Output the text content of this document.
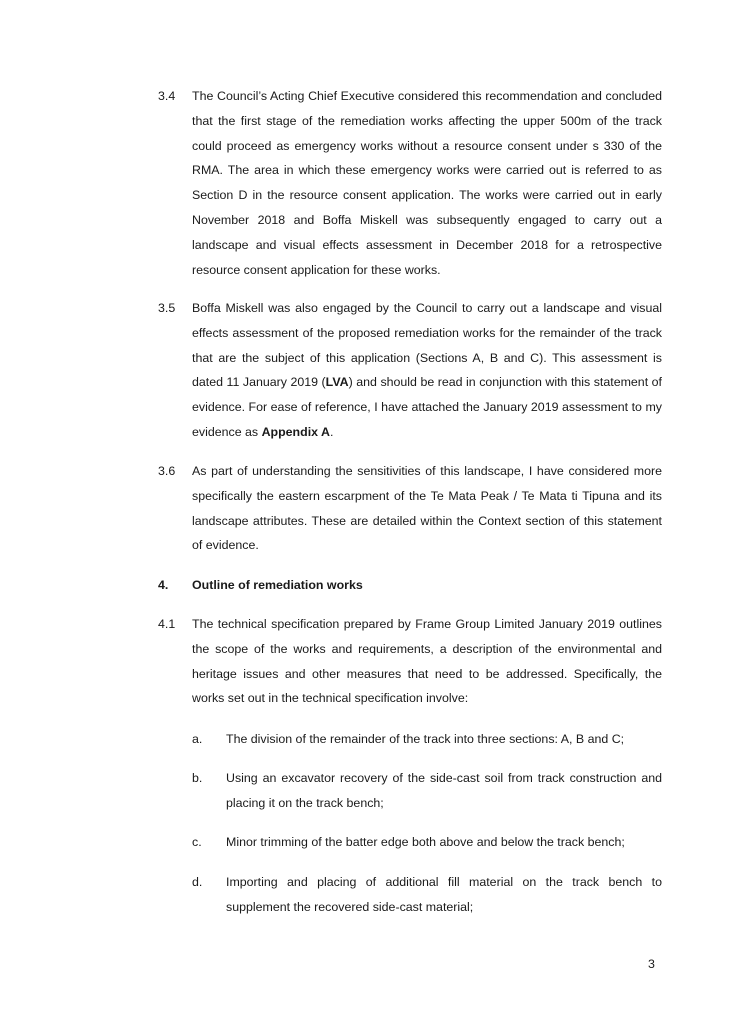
3.4 The Council’s Acting Chief Executive considered this recommendation and concluded that the first stage of the remediation works affecting the upper 500m of the track could proceed as emergency works without a resource consent under s 330 of the RMA. The area in which these emergency works were carried out is referred to as Section D in the resource consent application. The works were carried out in early November 2018 and Boffa Miskell was subsequently engaged to carry out a landscape and visual effects assessment in December 2018 for a retrospective resource consent application for these works.
3.5 Boffa Miskell was also engaged by the Council to carry out a landscape and visual effects assessment of the proposed remediation works for the remainder of the track that are the subject of this application (Sections A, B and C). This assessment is dated 11 January 2019 (LVA) and should be read in conjunction with this statement of evidence. For ease of reference, I have attached the January 2019 assessment to my evidence as Appendix A.
3.6 As part of understanding the sensitivities of this landscape, I have considered more specifically the eastern escarpment of the Te Mata Peak / Te Mata ti Tipuna and its landscape attributes. These are detailed within the Context section of this statement of evidence.
4. Outline of remediation works
4.1 The technical specification prepared by Frame Group Limited January 2019 outlines the scope of the works and requirements, a description of the environmental and heritage issues and other measures that need to be addressed. Specifically, the works set out in the technical specification involve:
a. The division of the remainder of the track into three sections: A, B and C;
b. Using an excavator recovery of the side-cast soil from track construction and placing it on the track bench;
c. Minor trimming of the batter edge both above and below the track bench;
d. Importing and placing of additional fill material on the track bench to supplement the recovered side-cast material;
3
